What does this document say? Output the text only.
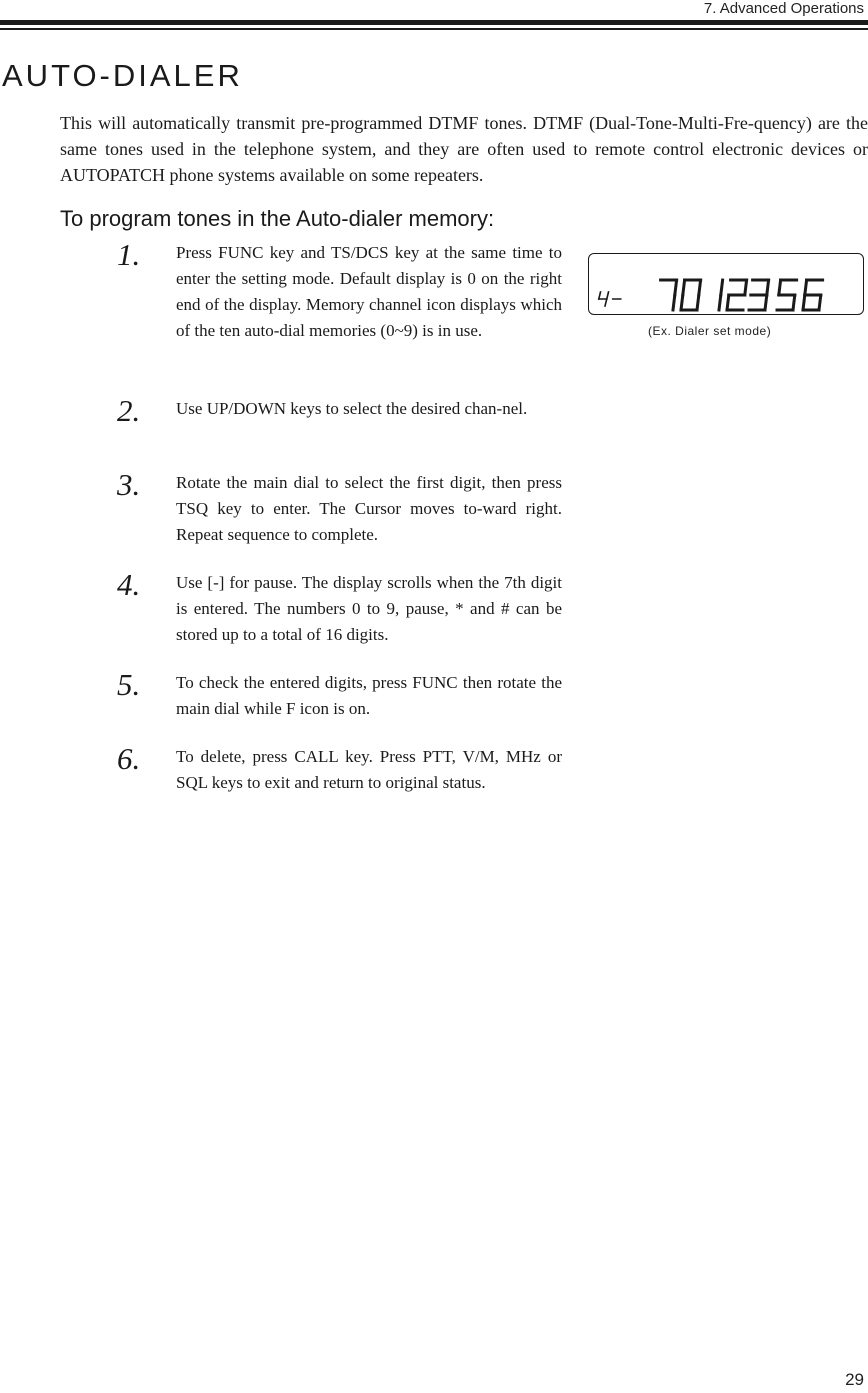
7. Advanced Operations
AUTO-DIALER

This will automatically transmit pre-programmed DTMF tones. DTMF (Dual-Tone-Multi-Fre-quency) are the same tones used in the telephone system, and they are often used to remote control electronic devices or AUTOPATCH phone systems available on some repeaters.

To program tones in the Auto-dialer memory:
1. Press FUNC key and TS/DCS key at the same time to enter the setting mode. Default display is 0 on the right end of the display. Memory channel icon displays which of the ten auto-dial memories (0~9) is in use.
2. Use UP/DOWN keys to select the desired chan-nel.
3. Rotate the main dial to select the first digit, then press TSQ key to enter. The Cursor moves to-ward right. Repeat sequence to complete.
4. Use [-] for pause. The display scrolls when the 7th digit is entered. The numbers 0 to 9, pause, * and # can be stored up to a total of 16 digits.
5. To check the entered digits, press FUNC then rotate the main dial while F icon is on.
6. To delete, press CALL key. Press PTT, V/M, MHz or SQL keys to exit and return to original status.
(Ex. Dialer set mode)
29
